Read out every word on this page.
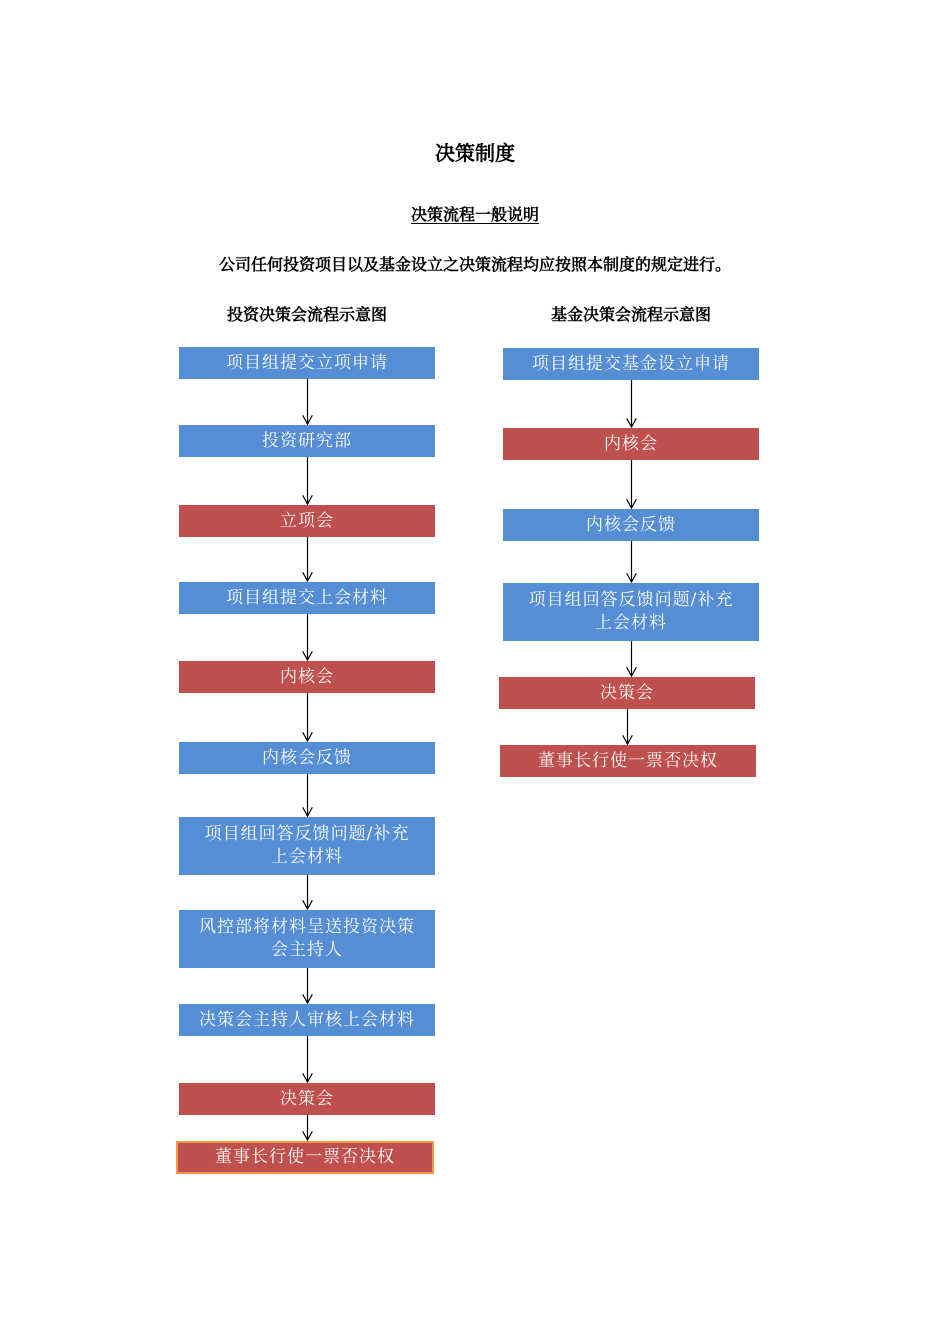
决策制度
决策流程一般说明
公司任何投资项目以及基金设立之决策流程均应按照本制度的规定进行。
投资决策会流程示意图	基金决策会流程示意图
项目组提交立项申请
投资研究部
立项会
项目组提交上会材料
内核会
内核会反馈
项目组回答反馈问题/补充
上会材料
风控部将材料呈送投资决策
会主持人
决策会主持人审核上会材料
决策会
董事长行使一票否决权
项目组提交基金设立申请
内核会
内核会反馈
项目组回答反馈问题/补充
上会材料
决策会
董事长行使一票否决权
